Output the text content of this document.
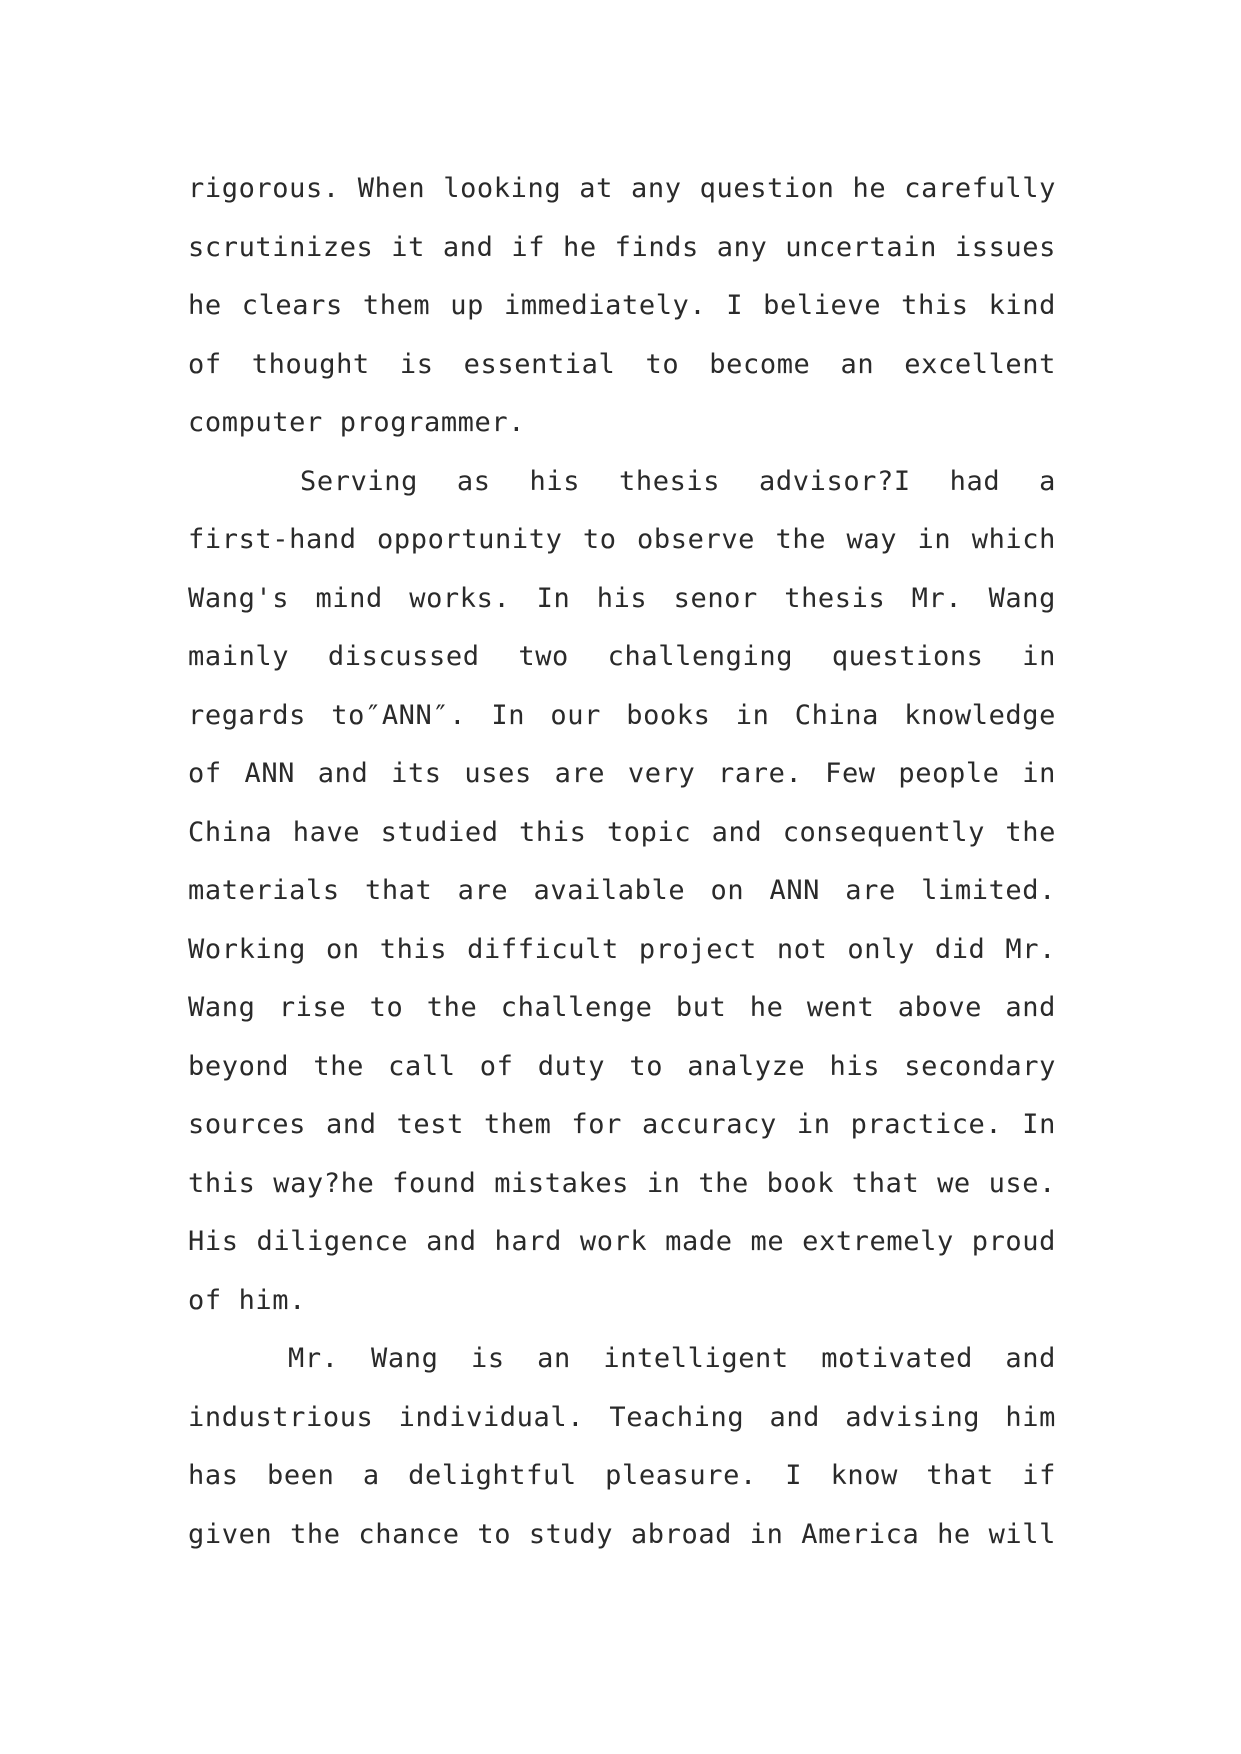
rigorous. When looking at any question he carefully
scrutinizes it and if he finds any uncertain issues
he clears them up immediately. I believe this kind
of thought is essential to become an excellent
computer programmer.
Serving as his thesis advisor?I had a
first-hand opportunity to observe the way in which
Wang's mind works. In his senor thesis Mr. Wang
mainly discussed two challenging questions in
regards to″ANN″. In our books in China knowledge
of ANN and its uses are very rare. Few people in
China have studied this topic and consequently the
materials that are available on ANN are limited.
Working on this difficult project not only did Mr.
Wang rise to the challenge but he went above and
beyond the call of duty to analyze his secondary
sources and test them for accuracy in practice. In
this way?he found mistakes in the book that we use.
His diligence and hard work made me extremely proud
of him.
Mr. Wang is an intelligent motivated and
industrious individual. Teaching and advising him
has been a delightful pleasure. I know that if
given the chance to study abroad in America he will
